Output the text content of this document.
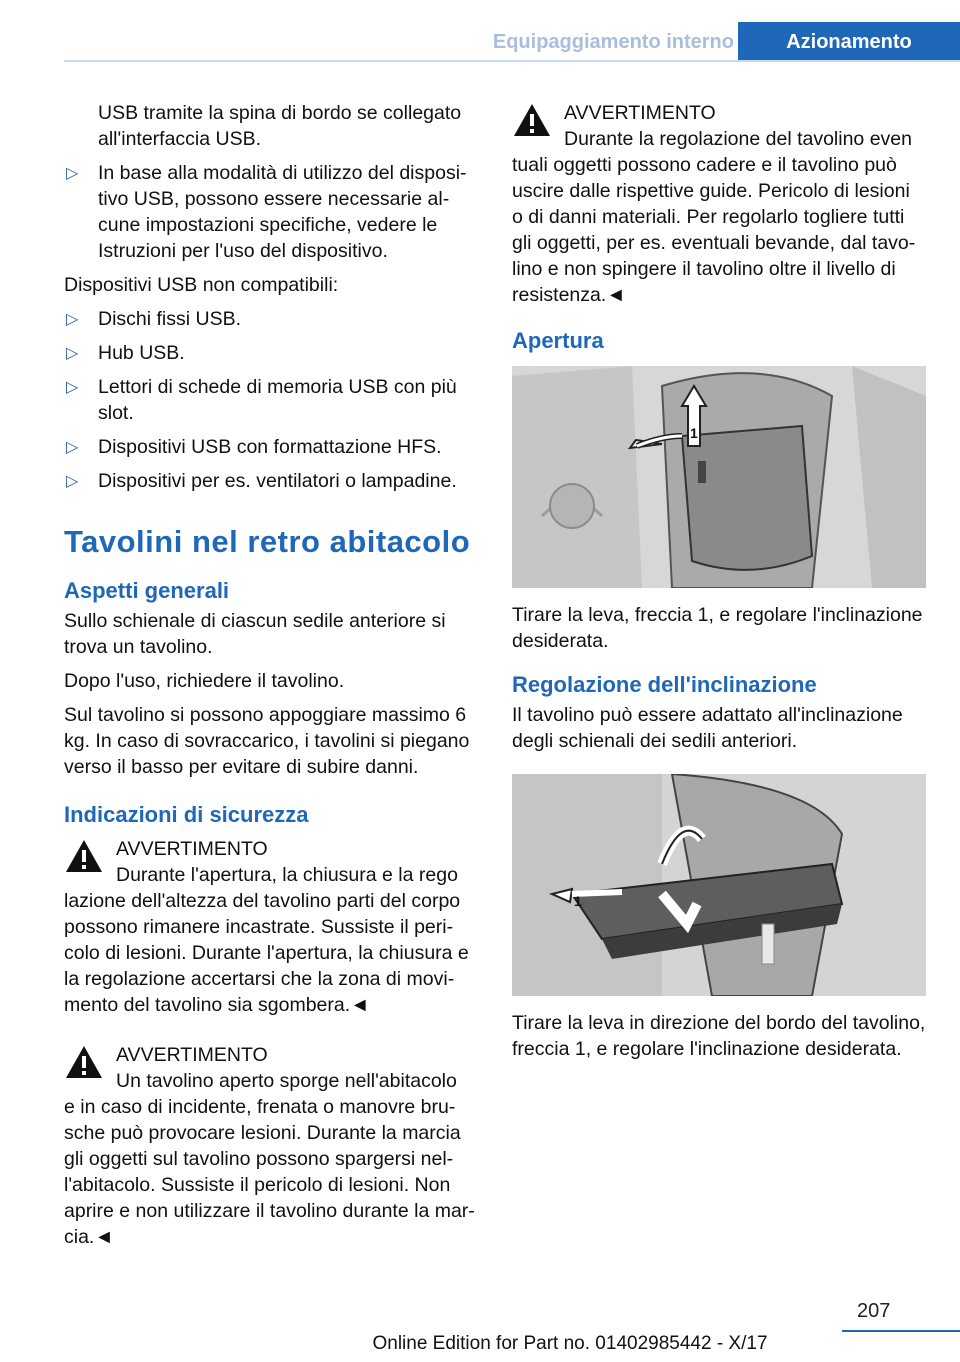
Equipaggiamento interno	Azionamento

USB tramite la spina di bordo se collegato all'interfaccia USB.

▷ In base alla modalità di utilizzo del dispositivo USB, possono essere necessarie alcune impostazioni specifiche, vedere le Istruzioni per l'uso del dispositivo.

Dispositivi USB non compatibili:

▷ Dischi fissi USB.
▷ Hub USB.
▷ Lettori di schede di memoria USB con più slot.
▷ Dispositivi USB con formattazione HFS.
▷ Dispositivi per es. ventilatori o lampadine.
Tavolini nel retro abitacolo
Aspetti generali

Sullo schienale di ciascun sedile anteriore si trova un tavolino.

Dopo l'uso, richiedere il tavolino.

Sul tavolino si possono appoggiare massimo 6 kg. In caso di sovraccarico, i tavolini si piegano verso il basso per evitare di subire danni.

Indicazioni di sicurezza
AVVERTIMENTO
Durante l'apertura, la chiusura e la rego

lazione dell'altezza del tavolino parti del corpo possono rimanere incastrate. Sussiste il pericolo di lesioni. Durante l'apertura, la chiusura e la regolazione accertarsi che la zona di movimento del tavolino sia sgombera.◄

AVVERTIMENTO
Un tavolino aperto sporge nell'abitacolo

e in caso di incidente, frenata o manovre brusche può provocare lesioni. Durante la marcia gli oggetti sul tavolino possono spargersi nell'abitacolo. Sussiste il pericolo di lesioni. Non aprire e non utilizzare il tavolino durante la marcia.◄

AVVERTIMENTO
Durante la regolazione del tavolino even

tuali oggetti possono cadere e il tavolino può uscire dalle rispettive guide. Pericolo di lesioni o di danni materiali. Per regolarlo togliere tutti gli oggetti, per es. eventuali bevande, dal tavolino e non spingere il tavolino oltre il livello di resistenza.◄

Apertura
1

Tirare la leva, freccia 1, e regolare l'inclinazione desiderata.

Regolazione dell'inclinazione

Il tavolino può essere adattato all'inclinazione degli schienali dei sedili anteriori.

1

Tirare la leva in direzione del bordo del tavolino, freccia 1, e regolare l'inclinazione desiderata.

207
Online Edition for Part no. 01402985442 - X/17
